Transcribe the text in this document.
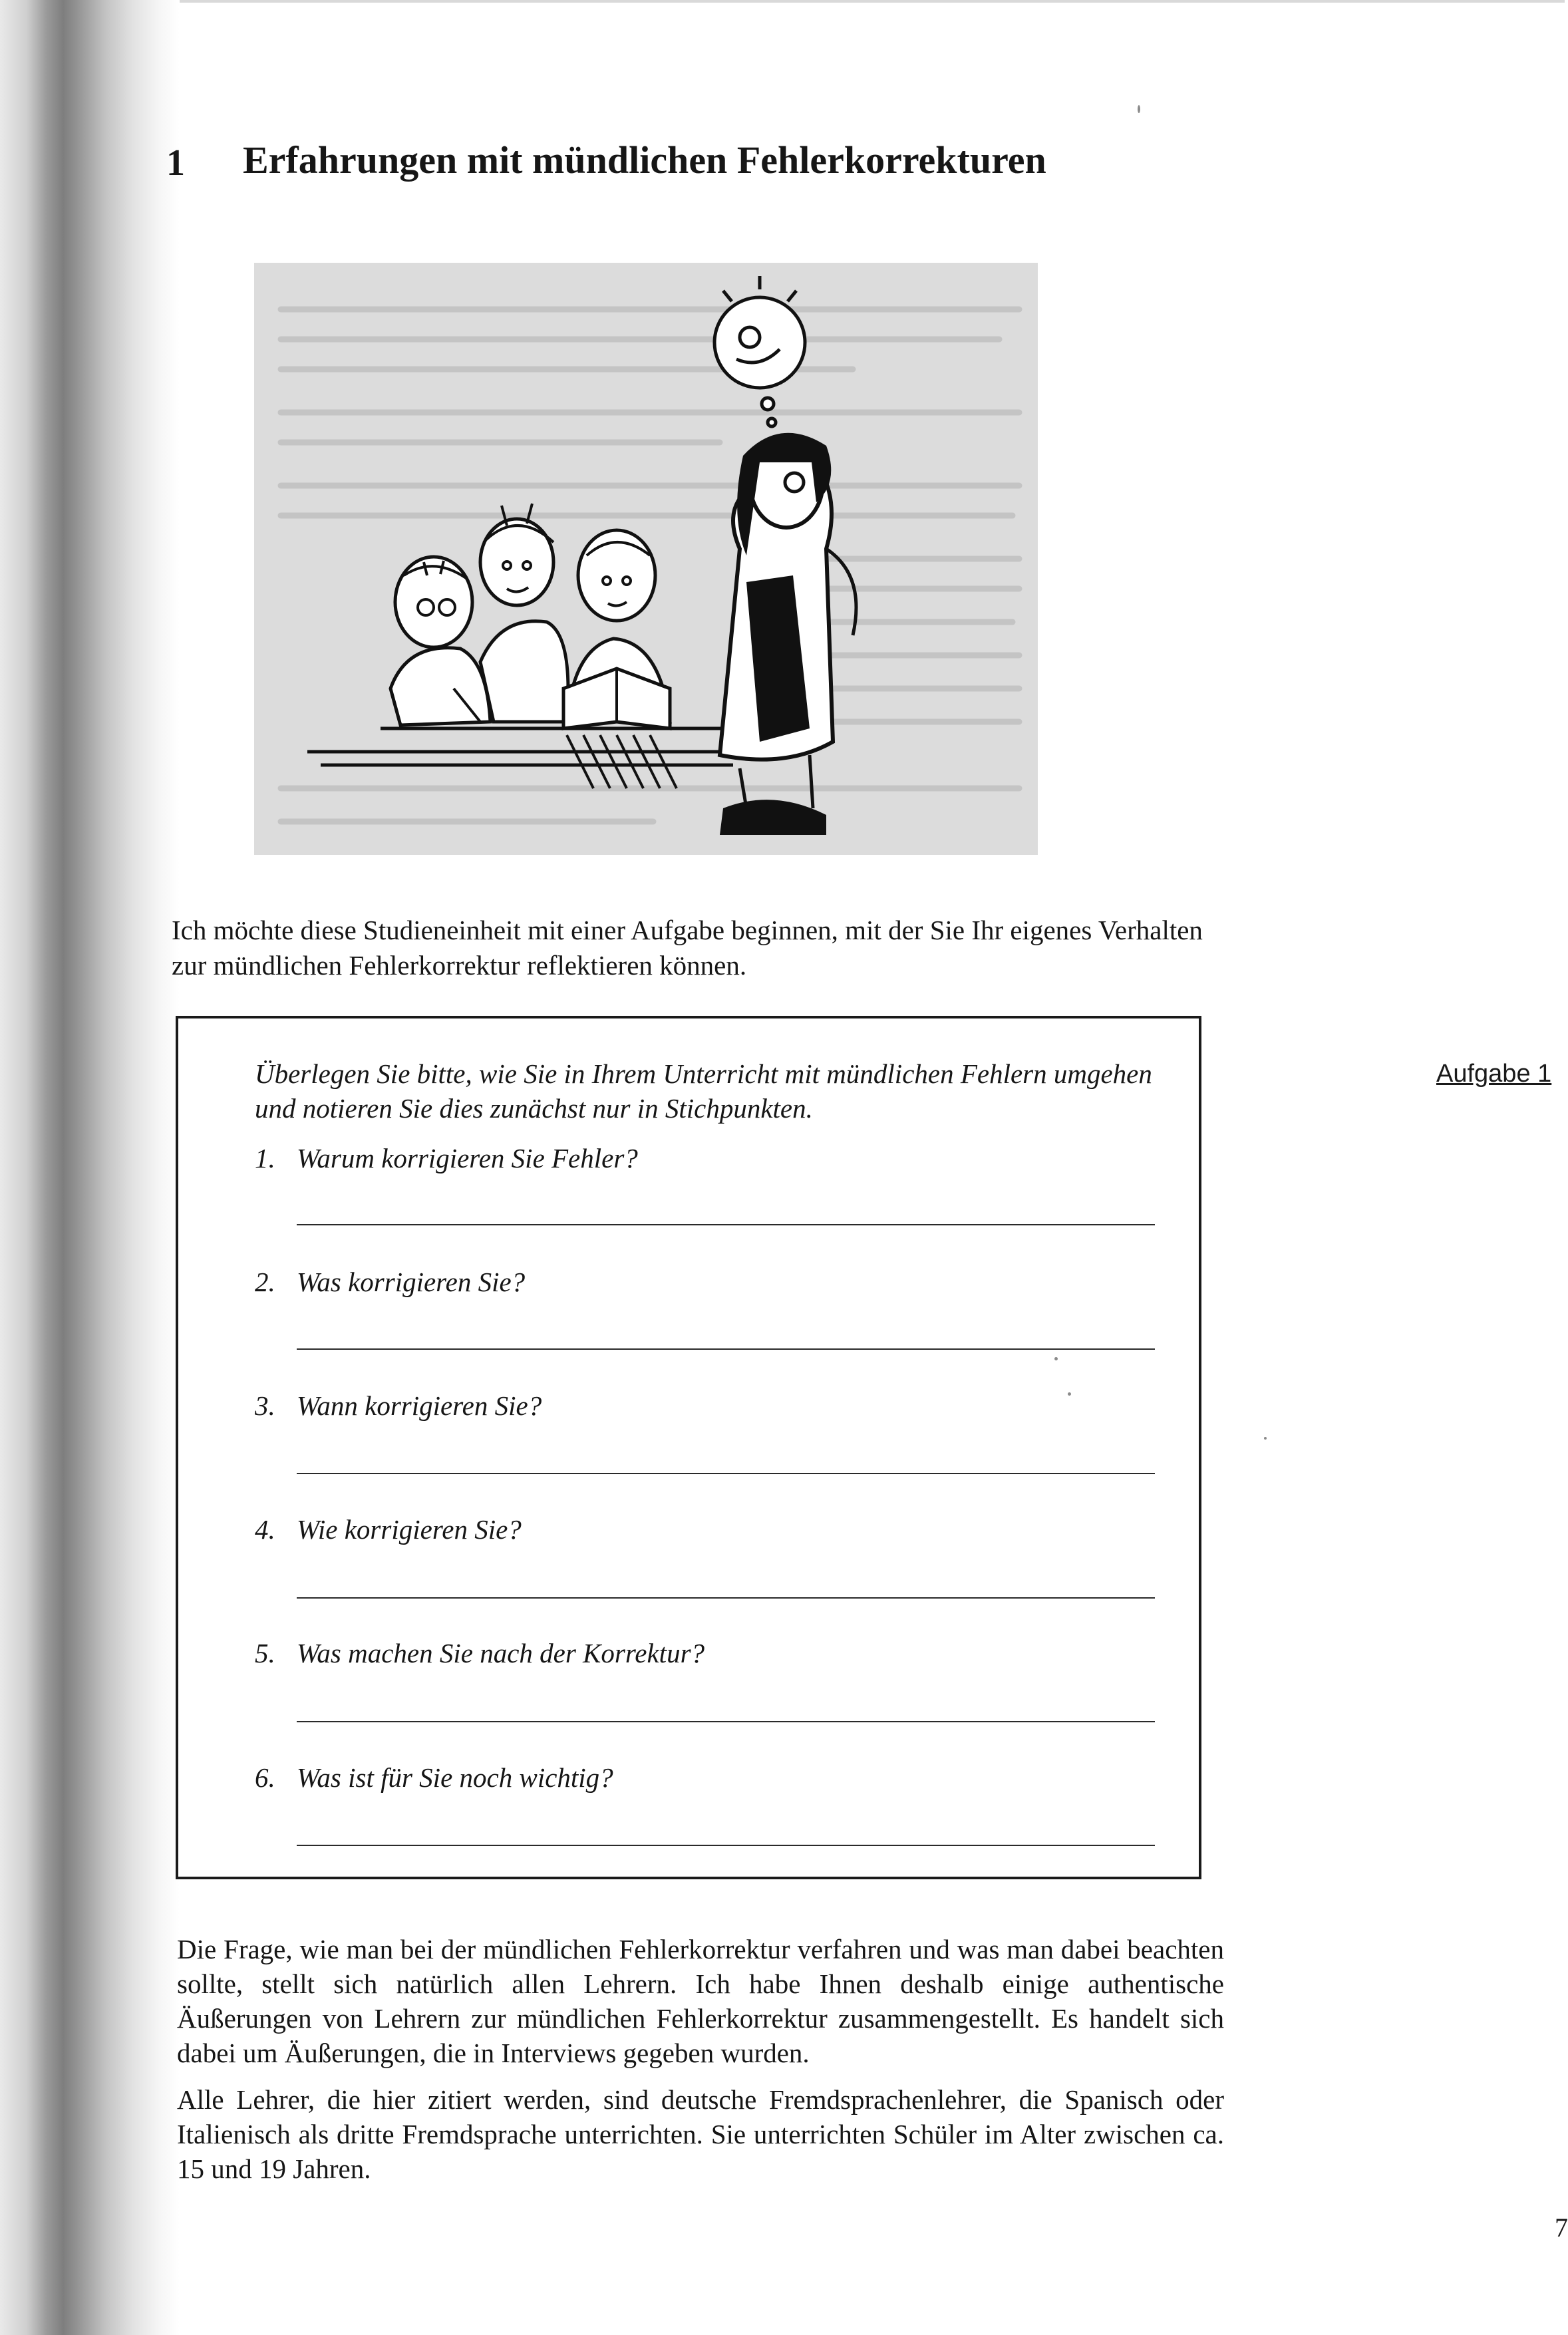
1 Erfahrungen mit mündlichen Fehlerkorrekturen
Ich möchte diese Studieneinheit mit einer Aufgabe beginnen, mit der Sie Ihr eigenes Verhalten zur mündlichen Fehlerkorrektur reflektieren können.
Aufgabe 1
Überlegen Sie bitte, wie Sie in Ihrem Unterricht mit mündlichen Fehlern umgehen und notieren Sie dies zunächst nur in Stichpunkten.
1. Warum korrigieren Sie Fehler?
2. Was korrigieren Sie?
3. Wann korrigieren Sie?
4. Wie korrigieren Sie?
5. Was machen Sie nach der Korrektur?
6. Was ist für Sie noch wichtig?
Die Frage, wie man bei der mündlichen Fehlerkorrektur verfahren und was man dabei beachten sollte, stellt sich natürlich allen Lehrern. Ich habe Ihnen deshalb einige authentische Äußerungen von Lehrern zur mündlichen Fehlerkorrektur zusammengestellt. Es handelt sich dabei um Äußerungen, die in Interviews gegeben wurden.
Alle Lehrer, die hier zitiert werden, sind deutsche Fremdsprachenlehrer, die Spanisch oder Italienisch als dritte Fremdsprache unterrichten. Sie unterrichten Schüler im Alter zwischen ca. 15 und 19 Jahren.
7
